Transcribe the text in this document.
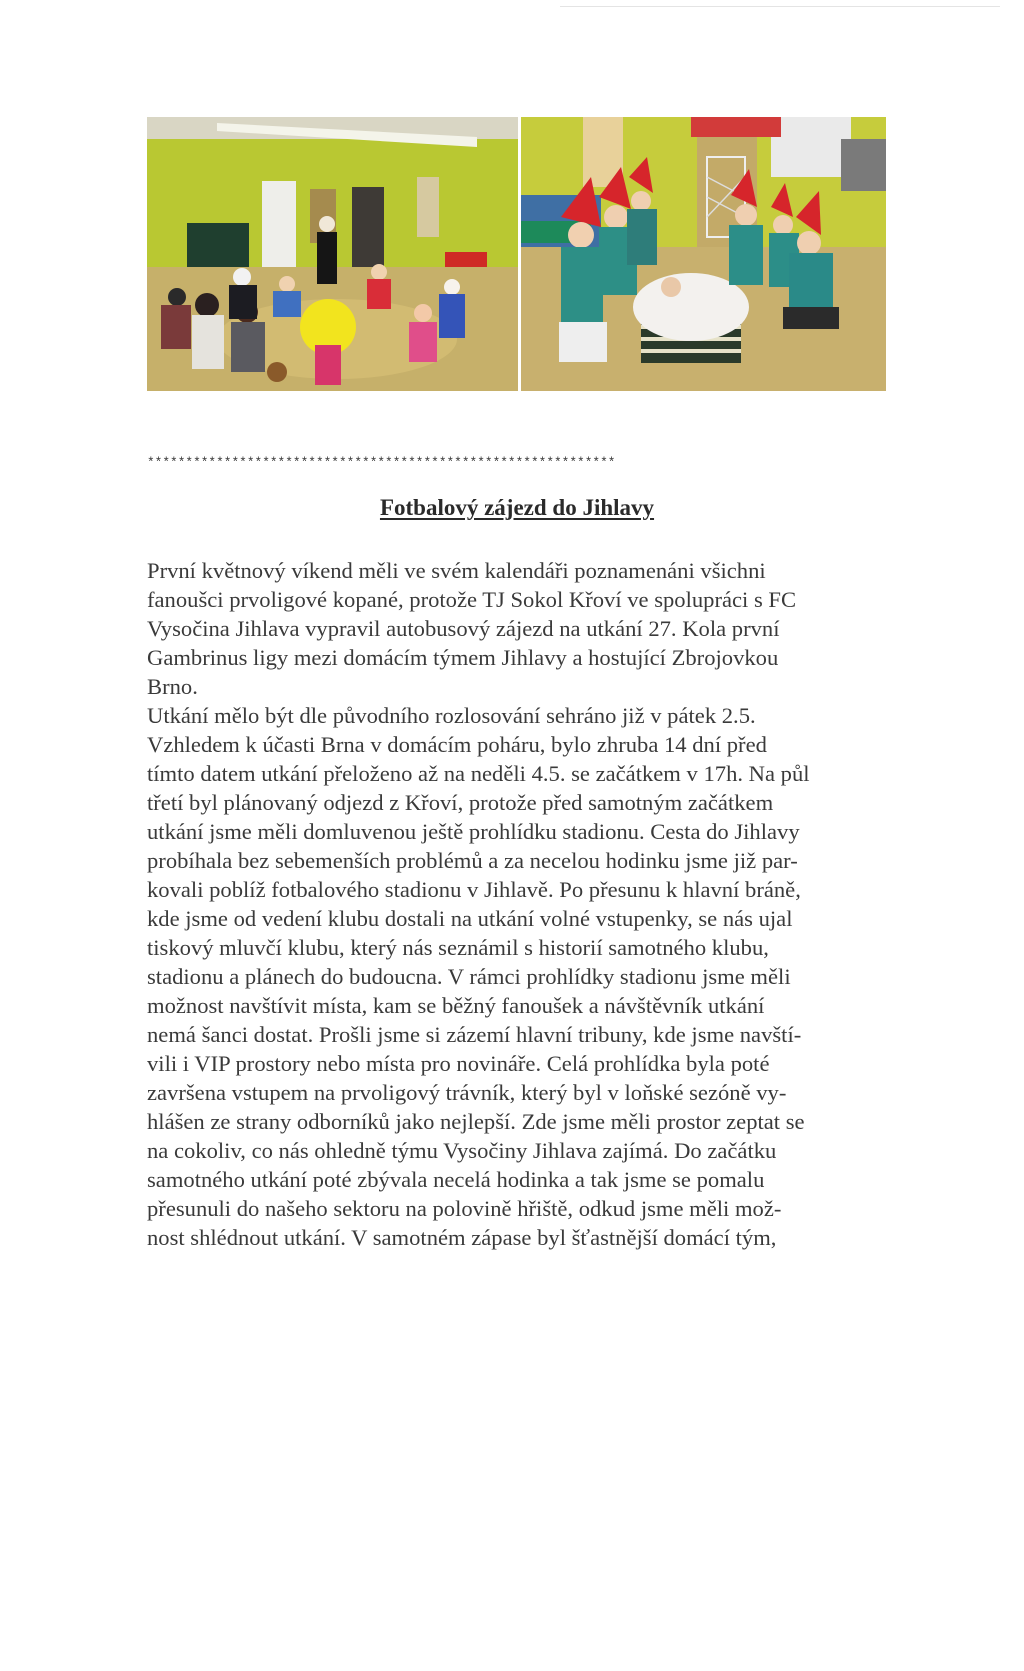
*************************************************************
Fotbalový zájezd do Jihlavy
První květnový víkend měli ve svém kalendáři poznamenáni všichni
fanoušci prvoligové kopané, protože TJ Sokol Křoví ve spolupráci s FC
Vysočina Jihlava vypravil autobusový zájezd na utkání 27. Kola první
Gambrinus ligy mezi domácím týmem Jihlavy a hostující Zbrojovkou
Brno.
Utkání mělo být dle původního rozlosování sehráno již v pátek 2.5.
Vzhledem k účasti Brna v domácím poháru, bylo zhruba 14 dní před
tímto datem utkání přeloženo až na neděli 4.5. se začátkem v 17h. Na půl
třetí byl plánovaný odjezd z Křoví, protože před samotným začátkem
utkání jsme měli domluvenou ještě prohlídku stadionu. Cesta do Jihlavy
probíhala bez sebemenších problémů a za necelou hodinku jsme již par-
kovali poblíž fotbalového stadionu v Jihlavě. Po přesunu k hlavní bráně,
kde jsme od vedení klubu dostali na utkání volné vstupenky, se nás ujal
tiskový mluvčí klubu, který nás seznámil s historií samotného klubu,
stadionu a plánech do budoucna. V rámci prohlídky stadionu jsme měli
možnost navštívit místa, kam se běžný fanoušek a návštěvník utkání
nemá šanci dostat. Prošli jsme si zázemí hlavní tribuny, kde jsme navští-
vili i VIP prostory nebo místa pro novináře. Celá prohlídka byla poté
završena vstupem na prvoligový trávník, který byl v loňské sezóně vy-
hlášen ze strany odborníků jako nejlepší. Zde jsme měli prostor zeptat se
na cokoliv, co nás ohledně týmu Vysočiny Jihlava zajímá. Do začátku
samotného utkání poté zbývala necelá hodinka a tak jsme se pomalu
přesunuli do našeho sektoru na polovině hřiště, odkud jsme měli mož-
nost shlédnout utkání. V samotném zápase byl šťastnější domácí tým,
